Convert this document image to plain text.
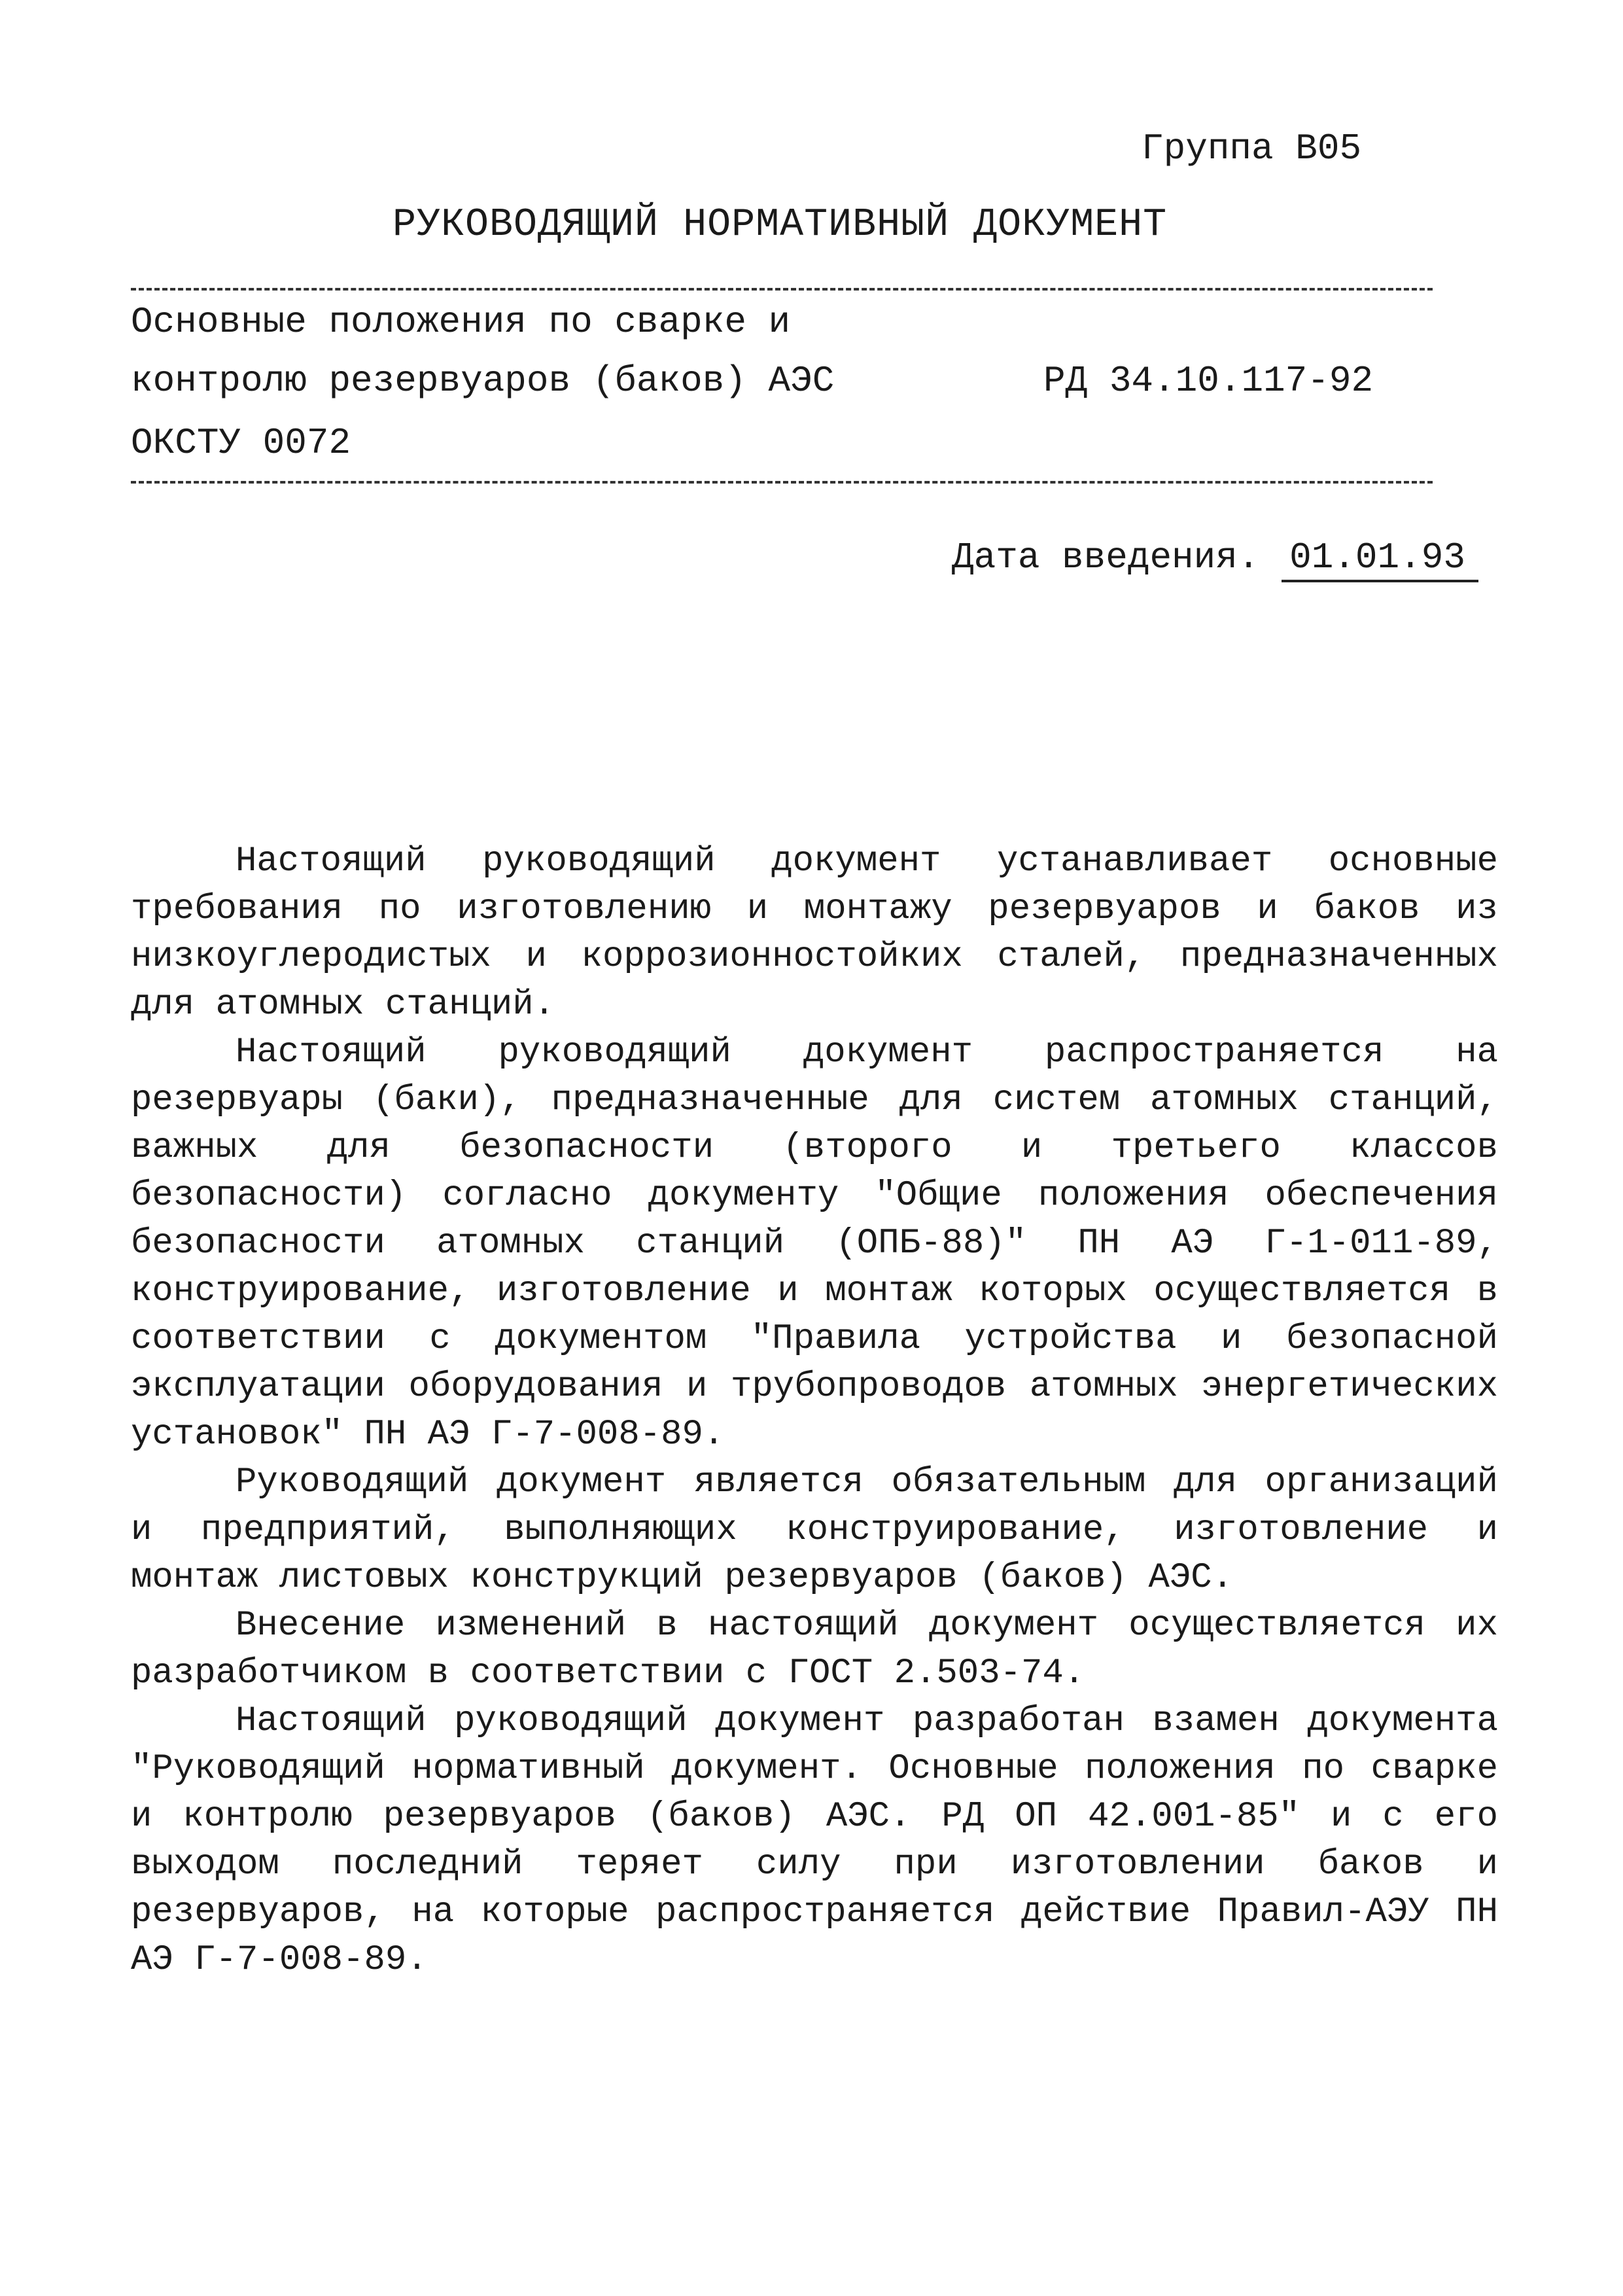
Группа В05
РУКОВОДЯЩИЙ НОРМАТИВНЫЙ ДОКУМЕНТ
Основные положения по сварке и
контролю резервуаров (баков) АЭС	РД 34.10.117-92
ОКСТУ 0072
Дата введения. 01.01.93

Настоящий руководящий документ устанавливает основные требования по изготовлению и монтажу резервуаров и баков из низкоуглеродистых и коррозионностойких сталей, предназначенных для атомных станций.

Настоящий руководящий документ распространяется на резервуары (баки), предназначенные для систем атомных станций, важных для безопасности (второго и третьего классов безопасности) согласно документу "Общие положения обеспечения безопасности атомных станций (ОПБ-88)" ПН АЭ Г-1-011-89, конструирование, изготовление и монтаж которых осуществляется в соответствии с документом "Правила устройства и безопасной эксплуатации оборудования и трубопроводов атомных энергетических установок" ПН АЭ Г-7-008-89.

Руководящий документ является обязательным для организаций и предприятий, выполняющих конструирование, изготовление и монтаж листовых конструкций резервуаров (баков) АЭС.

Внесение изменений в настоящий документ осуществляется их разработчиком в соответствии с ГОСТ 2.503-74.

Настоящий руководящий документ разработан взамен документа "Руководящий нормативный документ. Основные положения по сварке и контролю резервуаров (баков) АЭС. РД ОП 42.001-85" и с его выходом последний теряет силу при изготовлении баков и резервуаров, на которые распространяется действие Правил-АЭУ ПН АЭ Г-7-008-89.
